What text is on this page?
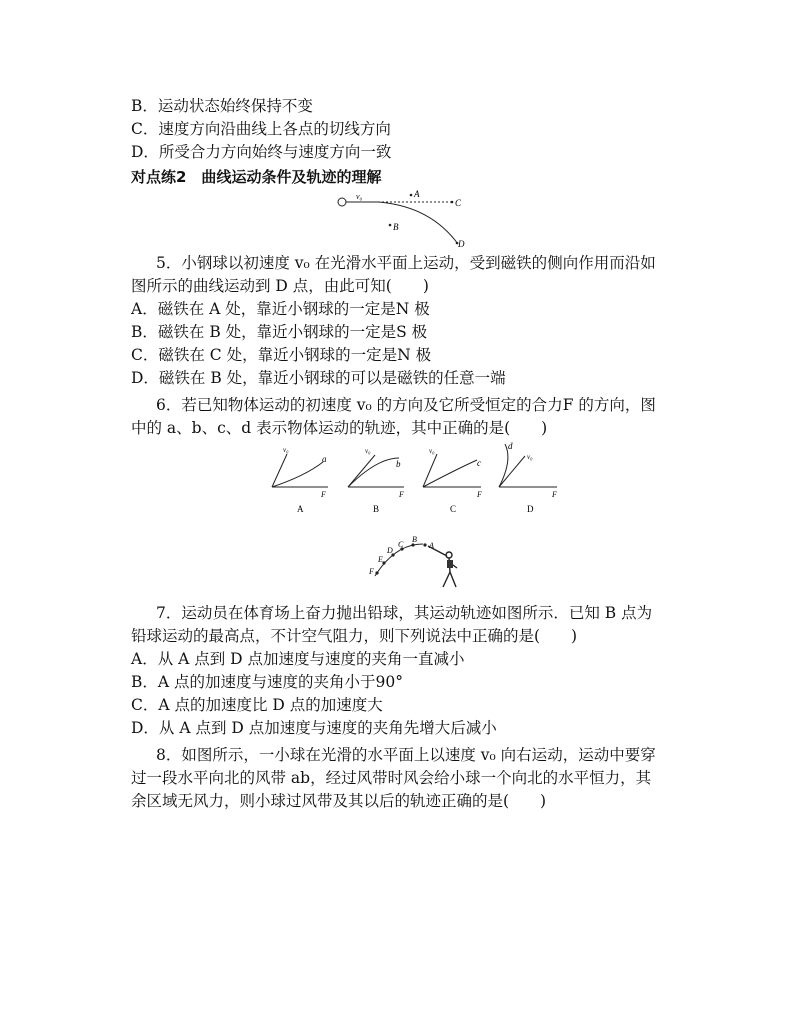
B．运动状态始终保持不变
C．速度方向沿曲线上各点的切线方向
D．所受合力方向始终与速度方向一致
对点练2　曲线运动条件及轨迹的理解
v₀	A
C
B
D
5．小钢球以初速度 v₀ 在光滑水平面上运动，受到磁铁的侧向作用而沿如
图所示的曲线运动到 D 点，由此可知(　　)
A．磁铁在 A 处，靠近小钢球的一定是N 极
B．磁铁在 B 处，靠近小钢球的一定是S 极
C．磁铁在 C 处，靠近小钢球的一定是N 极
D．磁铁在 B 处，靠近小钢球的可以是磁铁的任意一端
6．若已知物体运动的初速度 v₀ 的方向及它所受恒定的合力F 的方向，图
中的 a、b、c、d 表示物体运动的轨迹，其中正确的是(　　)
v₀
a
F
A
v₀
b
F
B
v₀
c
F
C
d
v₀
F
D
F
E
D
C
B
A
7．运动员在体育场上奋力抛出铅球，其运动轨迹如图所示．已知 B 点为
铅球运动的最高点，不计空气阻力，则下列说法中正确的是(　　)
A．从 A 点到 D 点加速度与速度的夹角一直减小
B．A 点的加速度与速度的夹角小于90°
C．A 点的加速度比 D 点的加速度大
D．从 A 点到 D 点加速度与速度的夹角先增大后减小
8．如图所示，一小球在光滑的水平面上以速度 v₀ 向右运动，运动中要穿
过一段水平向北的风带 ab，经过风带时风会给小球一个向北的水平恒力，其
余区域无风力，则小球过风带及其以后的轨迹正确的是(　　)
